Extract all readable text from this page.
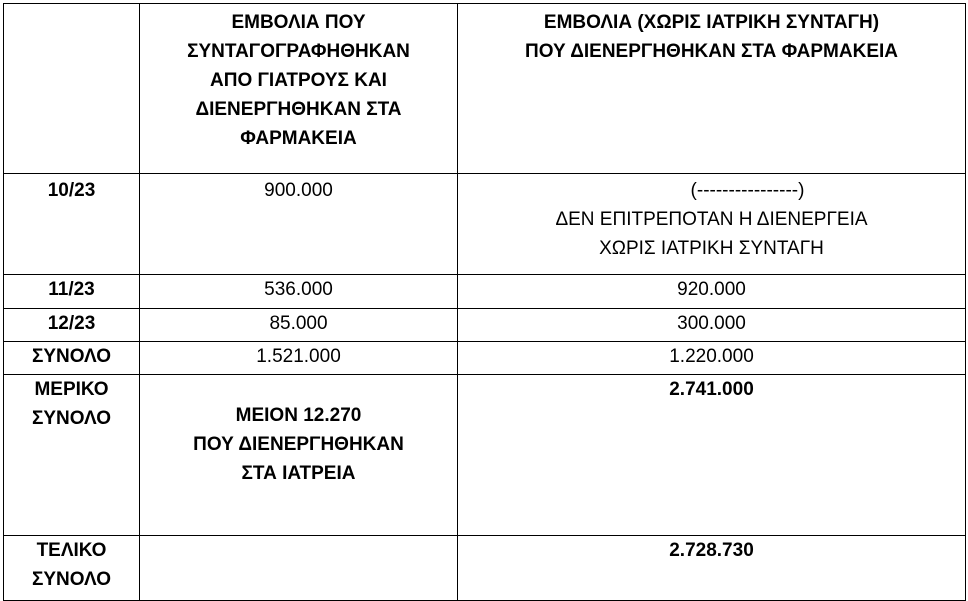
	ΕΜΒΟΛΙΑ ΠΟΥ
ΣΥΝΤΑΓΟΓΡΑΦΗΘΗΚΑΝ
ΑΠΟ ΓΙΑΤΡΟΥΣ ΚΑΙ
ΔΙΕΝΕΡΓΗΘΗΚΑΝ ΣΤΑ
ΦΑΡΜΑΚΕΙΑ	ΕΜΒΟΛΙΑ (ΧΩΡΙΣ ΙΑΤΡΙΚΗ ΣΥΝΤΑΓΗ)
ΠΟΥ ΔΙΕΝΕΡΓΗΘΗΚΑΝ ΣΤΑ ΦΑΡΜΑΚΕΙΑ

10/23	900.000	(----------------)
ΔΕΝ ΕΠΙΤΡΕΠΟΤΑΝ Η ΔΙΕΝΕΡΓΕΙΑ
ΧΩΡΙΣ ΙΑΤΡΙΚΗ ΣΥΝΤΑΓΗ

11/23	536.000	920.000
12/23	85.000	300.000
ΣΥΝΟΛΟ	1.521.000	1.220.000

ΜΕΡΙΚΟ
ΣΥΝΟΛΟ	ΜΕΙΟΝ 12.270
ΠΟΥ ΔΙΕΝΕΡΓΗΘΗΚΑΝ
ΣΤΑ ΙΑΤΡΕΙΑ	2.741.000

ΤΕΛΙΚΟ
ΣΥΝΟΛΟ		2.728.730
